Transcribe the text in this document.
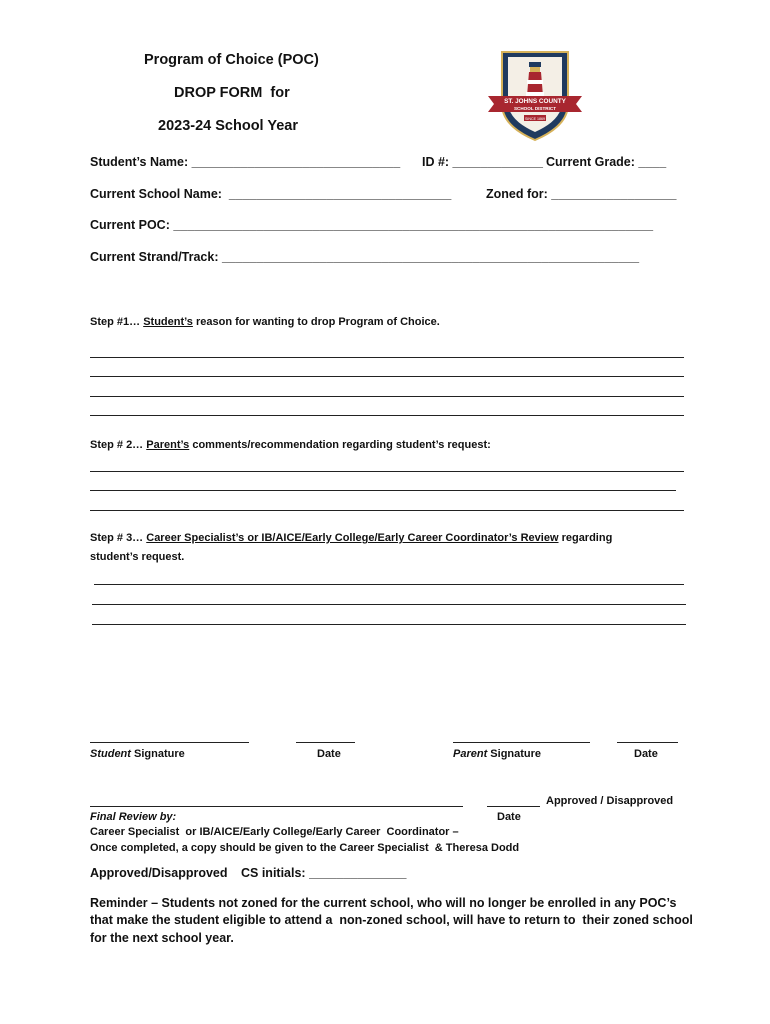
Program of Choice (POC)
DROP FORM  for
2023-24 School Year
ST. JOHNS COUNTY
SCHOOL DISTRICT
SINCE 1869
Student’s Name: ______________________________ ID #: _____________ Current Grade: ____
Current School Name:  ________________________________	Zoned for: __________________
Current POC: _____________________________________________________________________
Current Strand/Track: ____________________________________________________________
Step #1… Student’s reason for wanting to drop Program of Choice.
Step # 2… Parent’s comments/recommendation regarding student’s request:
Step # 3… Career Specialist’s or IB/AICE/Early College/Early Career Coordinator’s Review regarding
student’s request.
Student Signature	Date	Parent Signature	Date
Approved / Disapproved
Final Review by:	Date
Career Specialist  or IB/AICE/Early College/Early Career  Coordinator –
Once completed, a copy should be given to the Career Specialist  & Theresa Dodd
Approved/Disapproved CS initials: ______________
Reminder – Students not zoned for the current school, who will no longer be enrolled in any POC’s
that make the student eligible to attend a  non-zoned school, will have to return to  their zoned school
for the next school year.
